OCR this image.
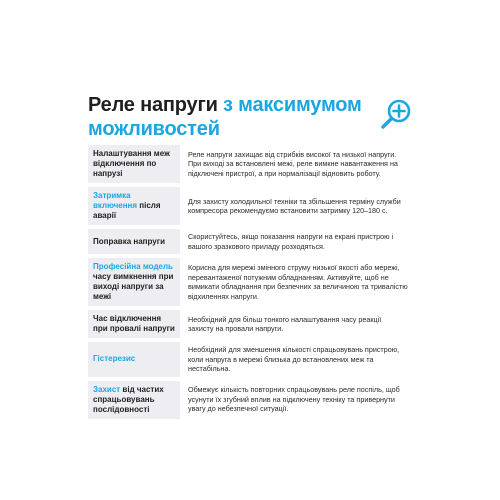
Реле напруги з максимумом
можливостей
Налаштування меж відключення по напрузі
Реле напруги захищає від стрибків високої та низької напруги. При виході за встановлені межі, реле вимкне навантаження на підключені пристрої, а при нормалізації відновить роботу.
Затримка включення після аварії
Для захисту холодильної техніки та збільшення терміну служби компресора рекомендуємо встановити затримку 120–180 с.
Поправка напруги	Скористуйтесь, якщо показання напруги на екрані пристрою і вашого зразкового приладу розходяться.
Професійна модель часу вимкнення при виході напруги за межі
Корисна для мережі змінного струму низької якості або мережі, перевантаженої потужним обладнанням. Активуйте, щоб не вимикати обладнання при безпечних за величиною та тривалістю відхиленнях напруги.
Час відключення при провалі напруги
Необхідний для більш тонкого налаштування часу реакції захисту на провали напруги.
Гістерезис
Необхідний для зменшення кількості спрацьовувань пристрою, коли напруга в мережі близька до встановлених меж та нестабільна.
Захист від частих спрацьовувань послідовності
Обмежує кількість повторних спрацьовувань реле поспіль, щоб усунути їх згубний вплив на підключену техніку та привернути увагу до небезпечної ситуації.
